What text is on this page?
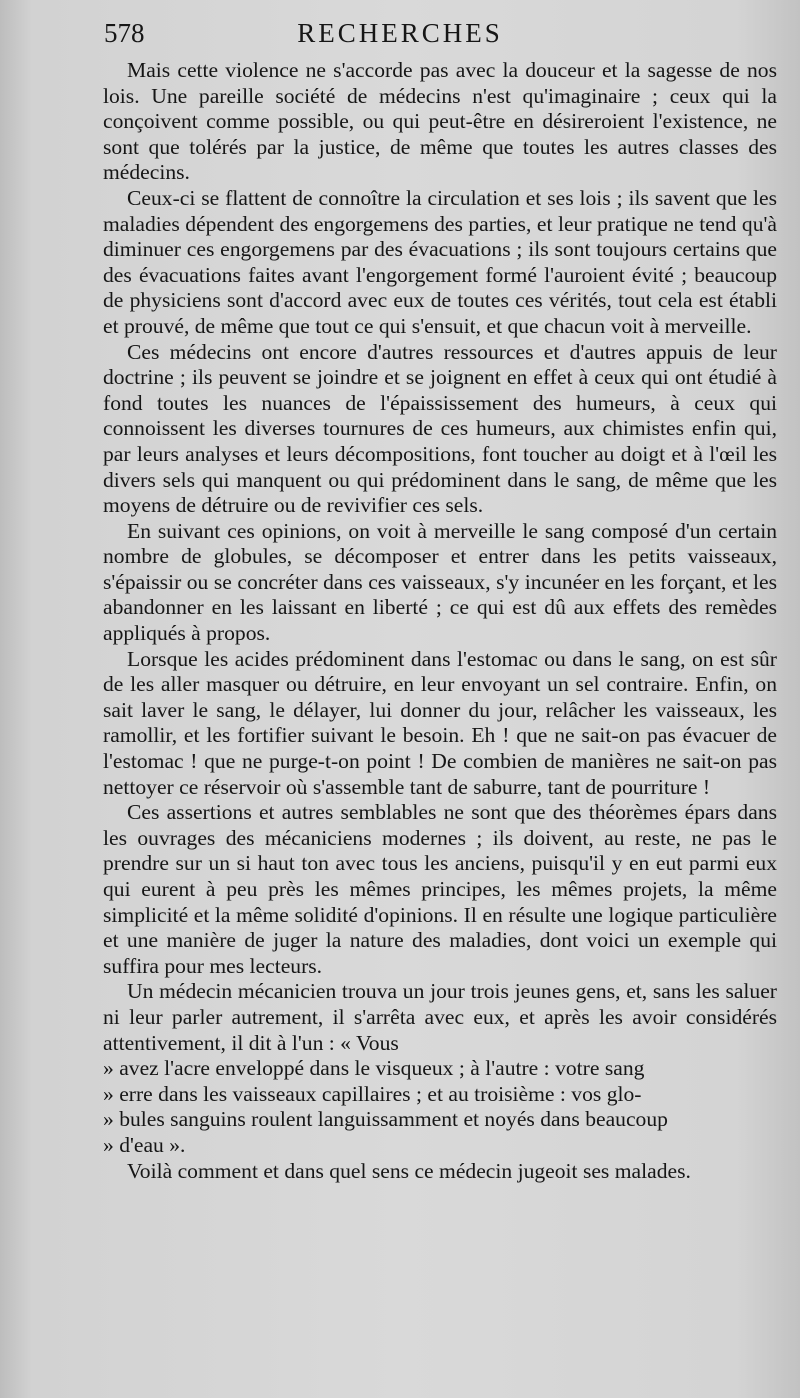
578	RECHERCHES

Mais cette violence ne s'accorde pas avec la douceur et la sagesse de nos lois. Une pareille société de médecins n'est qu'imaginaire ; ceux qui la conçoivent comme possible, ou qui peut-être en désireroient l'existence, ne sont que tolérés par la justice, de même que toutes les autres classes des médecins.

Ceux-ci se flattent de connoître la circulation et ses lois ; ils savent que les maladies dépendent des engorgemens des parties, et leur pratique ne tend qu'à diminuer ces engorgemens par des évacuations ; ils sont toujours certains que des évacuations faites avant l'engorgement formé l'auroient évité ; beaucoup de physiciens sont d'accord avec eux de toutes ces vérités, tout cela est établi et prouvé, de même que tout ce qui s'ensuit, et que chacun voit à merveille.

Ces médecins ont encore d'autres ressources et d'autres appuis de leur doctrine ; ils peuvent se joindre et se joignent en effet à ceux qui ont étudié à fond toutes les nuances de l'épaississement des humeurs, à ceux qui connoissent les diverses tournures de ces humeurs, aux chimistes enfin qui, par leurs analyses et leurs décompositions, font toucher au doigt et à l'œil les divers sels qui manquent ou qui prédominent dans le sang, de même que les moyens de détruire ou de revivifier ces sels.

En suivant ces opinions, on voit à merveille le sang composé d'un certain nombre de globules, se décomposer et entrer dans les petits vaisseaux, s'épaissir ou se concréter dans ces vaisseaux, s'y incunéer en les forçant, et les abandonner en les laissant en liberté ; ce qui est dû aux effets des remèdes appliqués à propos.

Lorsque les acides prédominent dans l'estomac ou dans le sang, on est sûr de les aller masquer ou détruire, en leur envoyant un sel contraire. Enfin, on sait laver le sang, le délayer, lui donner du jour, relâcher les vaisseaux, les ramollir, et les fortifier suivant le besoin. Eh ! que ne sait-on pas évacuer de l'estomac ! que ne purge-t-on point ! De combien de manières ne sait-on pas nettoyer ce réservoir où s'assemble tant de saburre, tant de pourriture !

Ces assertions et autres semblables ne sont que des théorèmes épars dans les ouvrages des mécaniciens modernes ; ils doivent, au reste, ne pas le prendre sur un si haut ton avec tous les anciens, puisqu'il y en eut parmi eux qui eurent à peu près les mêmes principes, les mêmes projets, la même simplicité et la même solidité d'opinions. Il en résulte une logique particulière et une manière de juger la nature des maladies, dont voici un exemple qui suffira pour mes lecteurs.

Un médecin mécanicien trouva un jour trois jeunes gens, et, sans les saluer ni leur parler autrement, il s'arrêta avec eux, et après les avoir considérés attentivement, il dit à l'un : « Vous

» avez l'acre enveloppé dans le visqueux ; à l'autre : votre sang

» erre dans les vaisseaux capillaires ; et au troisième : vos glo-

» bules sanguins roulent languissamment et noyés dans beaucoup

» d'eau ».

Voilà comment et dans quel sens ce médecin jugeoit ses malades.
